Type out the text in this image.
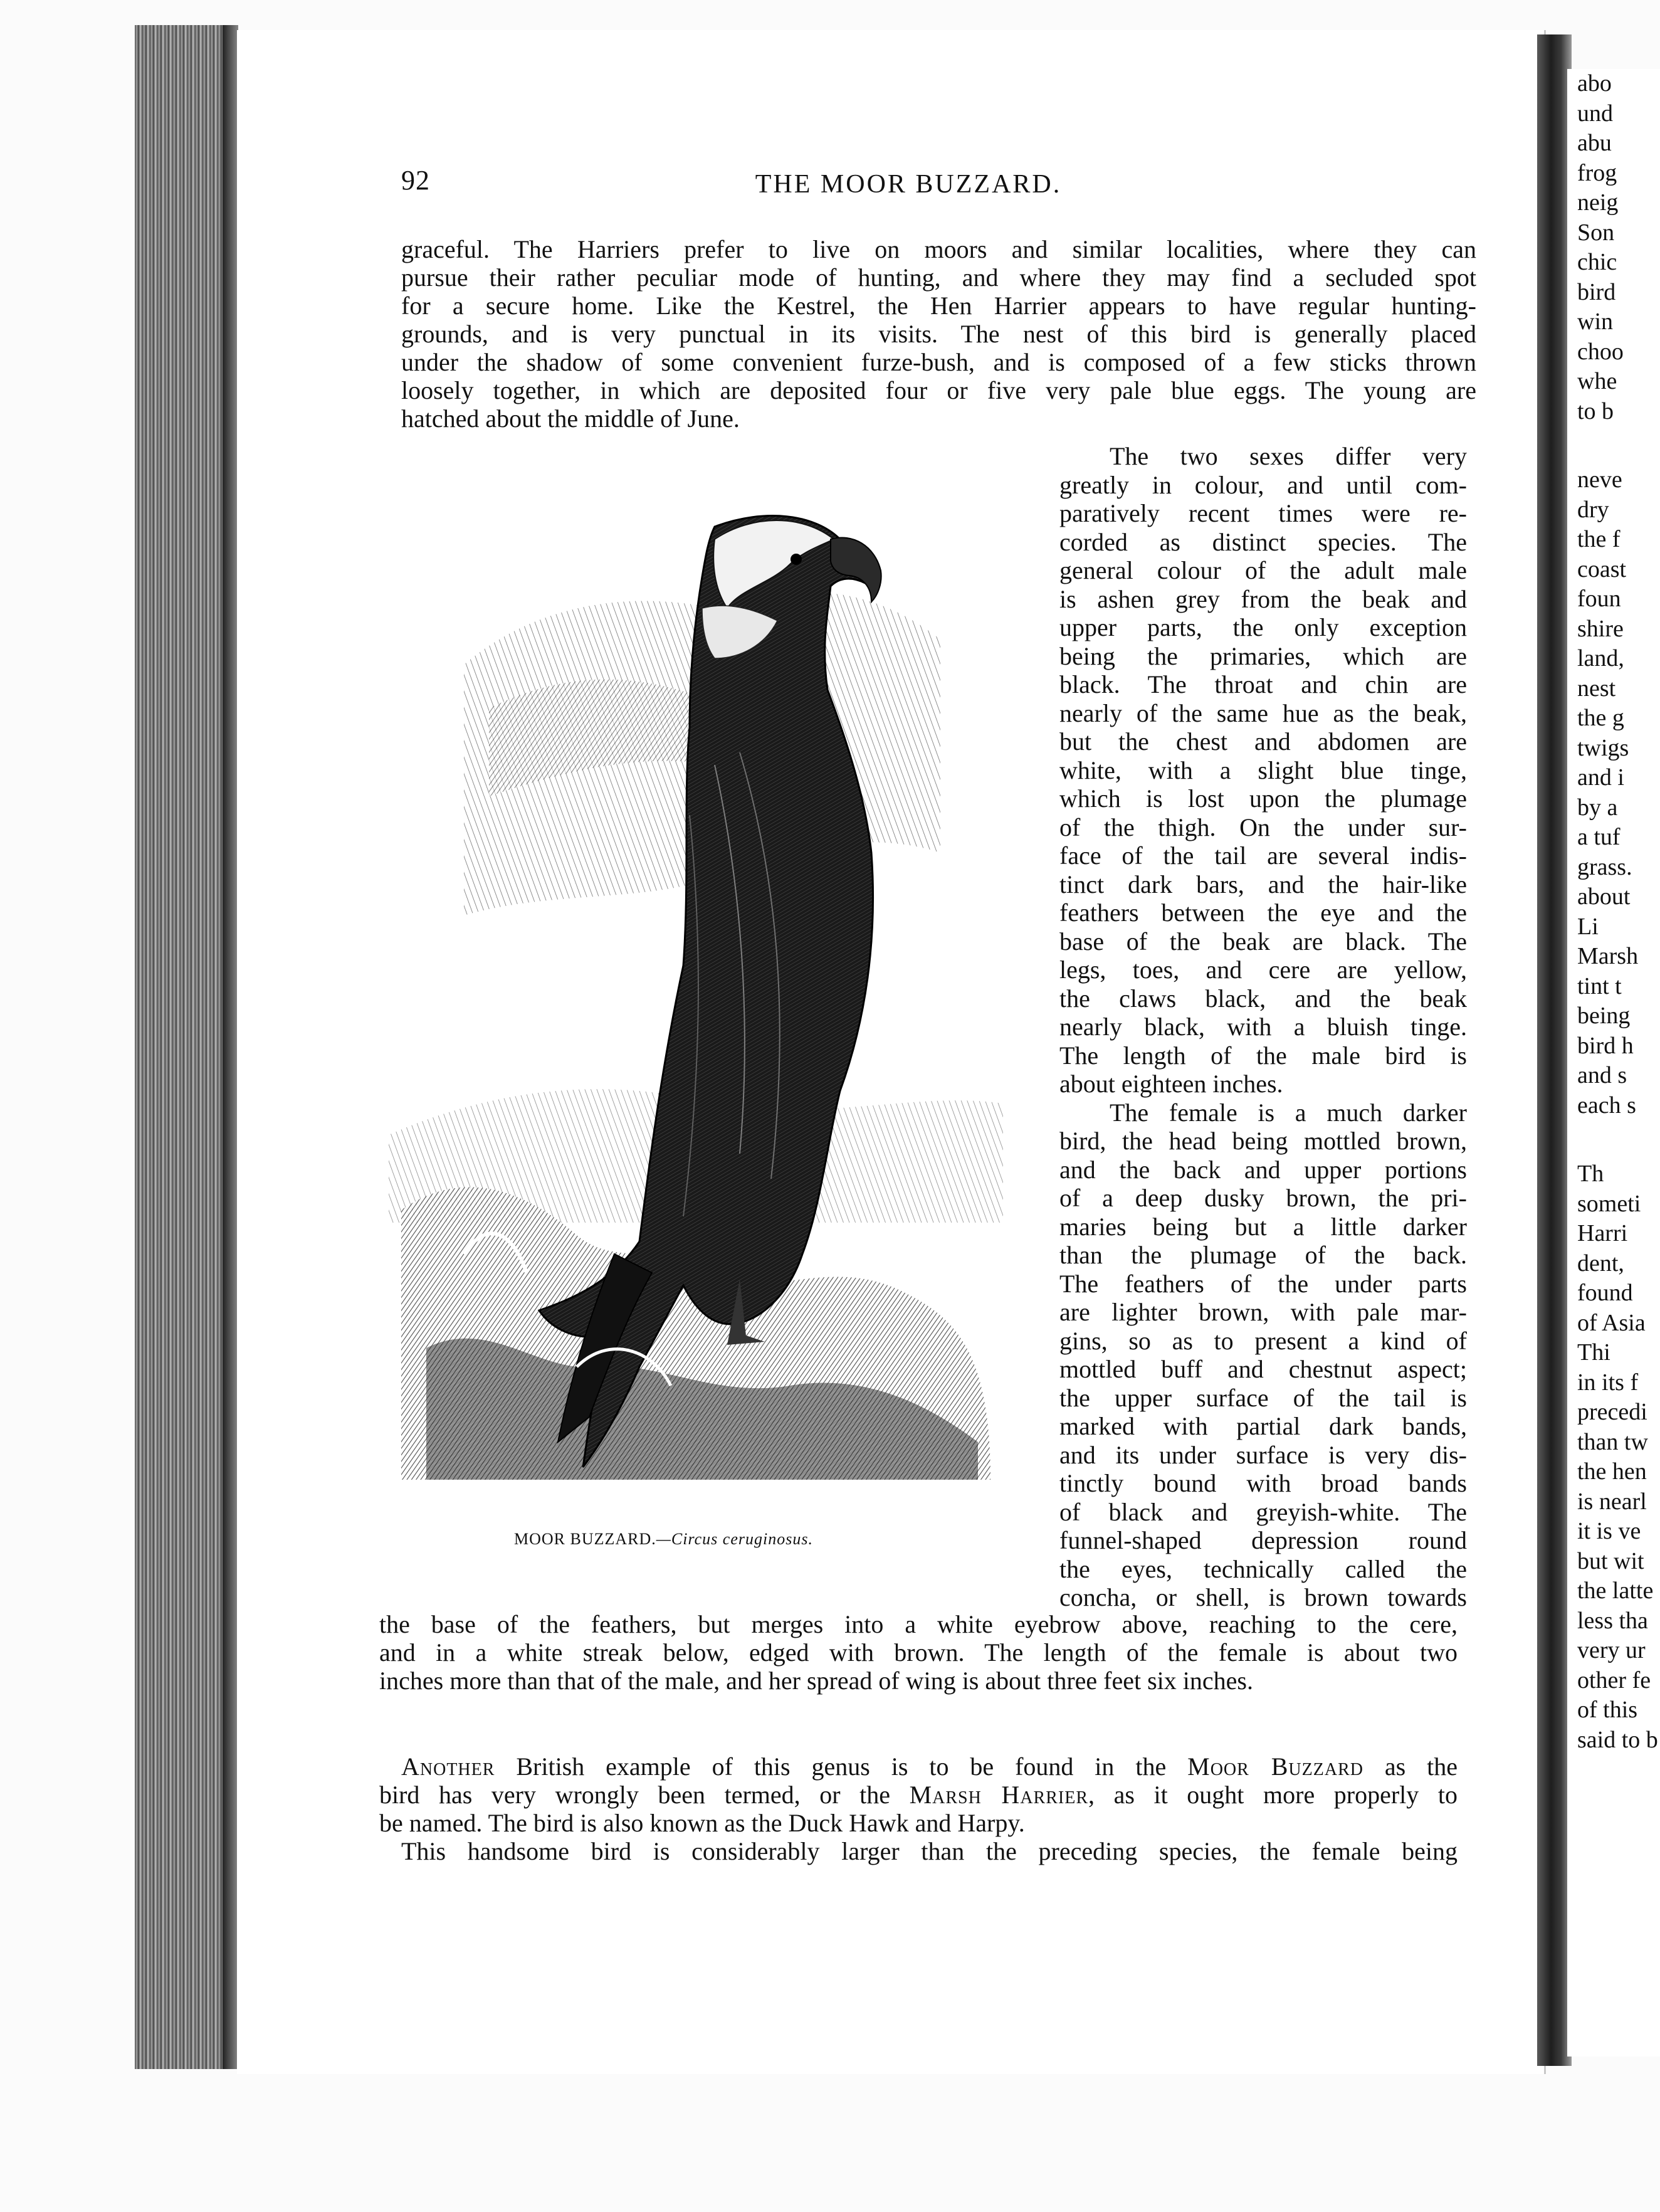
abo
und
abu
frog
neig
Son
chic
bird
win
choo
whe
to b
neve
dry
the f
coast
foun
shire
land,
nest
the g
twigs
and i
by a
a tuf
grass.
about
Li
Marsh
tint t
being
bird h
and s
each s
Th
someti
Harri
dent,
found
of Asia
Thi
in its f
precedi
than tw
the hen
is nearl
it is ve
but wit
the latte
less tha
very ur
other fe
of this
said to b
92	THE MOOR BUZZARD.
graceful. The Harriers prefer to live on moors and similar localities, where they can
pursue their rather peculiar mode of hunting, and where they may find a secluded spot
for a secure home. Like the Kestrel, the Hen Harrier appears to have regular hunting-
grounds, and is very punctual in its visits. The nest of this bird is generally placed
under the shadow of some convenient furze-bush, and is composed of a few sticks thrown
loosely together, in which are deposited four or five very pale blue eggs. The young are
hatched about the middle of June.
MOOR BUZZARD.—Circus ceruginosus.
The two sexes differ very
greatly in colour, and until com-
paratively recent times were re-
corded as distinct species. The
general colour of the adult male
is ashen grey from the beak and
upper parts, the only exception
being the primaries, which are
black. The throat and chin are
nearly of the same hue as the beak,
but the chest and abdomen are
white, with a slight blue tinge,
which is lost upon the plumage
of the thigh. On the under sur-
face of the tail are several indis-
tinct dark bars, and the hair-like
feathers between the eye and the
base of the beak are black. The
legs, toes, and cere are yellow,
the claws black, and the beak
nearly black, with a bluish tinge.
The length of the male bird is
about eighteen inches.
The female is a much darker
bird, the head being mottled brown,
and the back and upper portions
of a deep dusky brown, the pri-
maries being but a little darker
than the plumage of the back.
The feathers of the under parts
are lighter brown, with pale mar-
gins, so as to present a kind of
mottled buff and chestnut aspect;
the upper surface of the tail is
marked with partial dark bands,
and its under surface is very dis-
tinctly bound with broad bands
of black and greyish-white. The
funnel-shaped depression round
the eyes, technically called the
concha, or shell, is brown towards
the base of the feathers, but merges into a white eyebrow above, reaching to the cere,
and in a white streak below, edged with brown. The length of the female is about two
inches more than that of the male, and her spread of wing is about three feet six inches.
Another British example of this genus is to be found in the Moor Buzzard as the
bird has very wrongly been termed, or the Marsh Harrier, as it ought more properly to
be named. The bird is also known as the Duck Hawk and Harpy.
This handsome bird is considerably larger than the preceding species, the female being
